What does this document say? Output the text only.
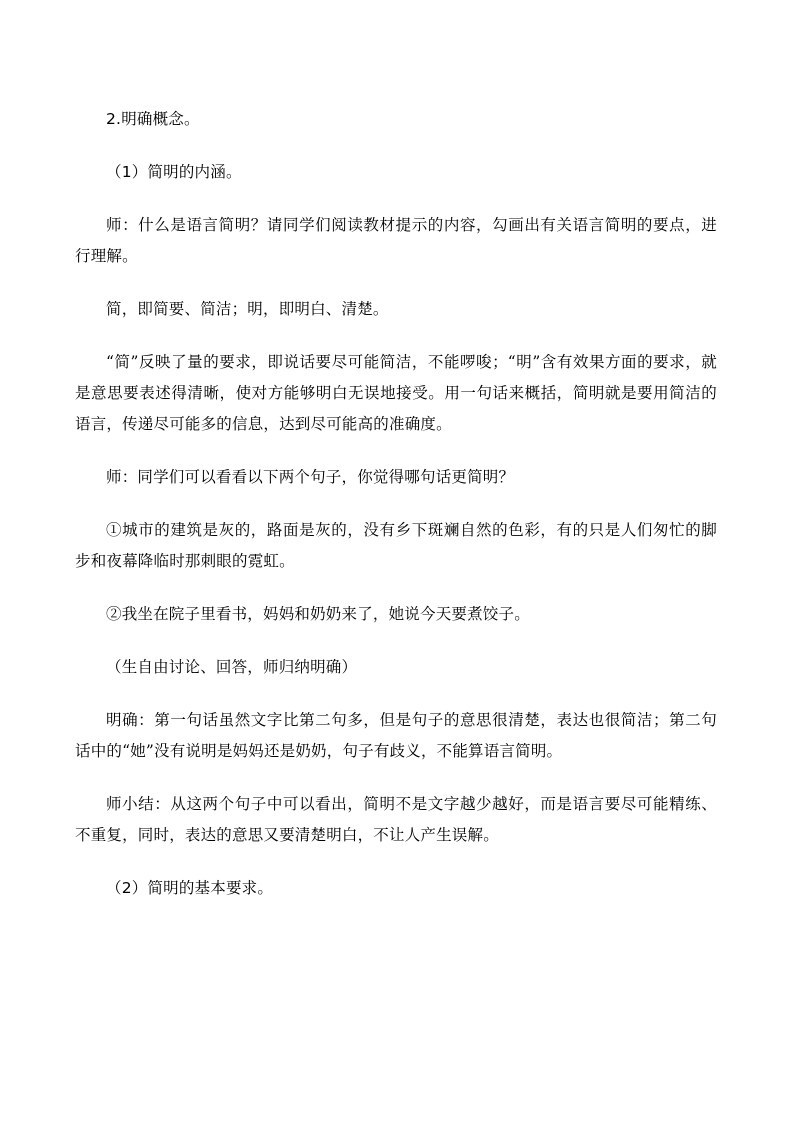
2.明确概念。

（1）简明的内涵。

师：什么是语言简明？请同学们阅读教材提示的内容，勾画出有关语言简明的要点，进行理解。

简，即简要、简洁；明，即明白、清楚。

“简”反映了量的要求，即说话要尽可能简洁，不能啰唆；“明”含有效果方面的要求，就是意思要表述得清晰，使对方能够明白无误地接受。用一句话来概括，简明就是要用简洁的语言，传递尽可能多的信息，达到尽可能高的准确度。

师：同学们可以看看以下两个句子，你觉得哪句话更简明？

①城市的建筑是灰的，路面是灰的，没有乡下斑斓自然的色彩，有的只是人们匆忙的脚步和夜幕降临时那刺眼的霓虹。

②我坐在院子里看书，妈妈和奶奶来了，她说今天要煮饺子。

（生自由讨论、回答，师归纳明确）

明确：第一句话虽然文字比第二句多，但是句子的意思很清楚，表达也很简洁；第二句话中的“她”没有说明是妈妈还是奶奶，句子有歧义，不能算语言简明。

师小结：从这两个句子中可以看出，简明不是文字越少越好，而是语言要尽可能精练、不重复，同时，表达的意思又要清楚明白，不让人产生误解。

（2）简明的基本要求。
